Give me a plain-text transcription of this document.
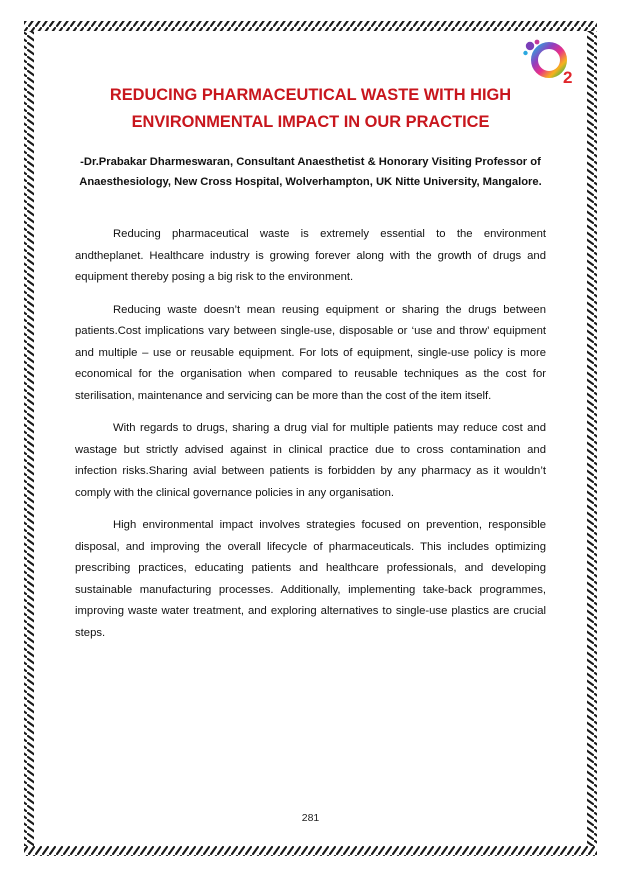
2
REDUCING PHARMACEUTICAL WASTE WITH HIGH
ENVIRONMENTAL IMPACT IN OUR PRACTICE

-Dr.Prabakar Dharmeswaran, Consultant Anaesthetist & Honorary Visiting Professor of Anaesthesiology, New Cross Hospital, Wolverhampton, UK Nitte University, Mangalore.

Reducing pharmaceutical waste is extremely essential to the environment andtheplanet. Healthcare industry is growing forever along with the growth of drugs and equipment thereby posing a big risk to the environment.

Reducing waste doesn’t mean reusing equipment or sharing the drugs between patients.Cost implications vary between single-use, disposable or ‘use and throw’ equipment and multiple – use or reusable equipment. For lots of equipment, single-use policy is more economical for the organisation when compared to reusable techniques as the cost for sterilisation, maintenance and servicing can be more than the cost of the item itself.

With regards to drugs, sharing a drug vial for multiple patients may reduce cost and wastage but strictly advised against in clinical practice due to cross contamination and infection risks.Sharing avial between patients is forbidden by any pharmacy as it wouldn’t comply with the clinical governance policies in any organisation.

High environmental impact involves strategies focused on prevention, responsible disposal, and improving the overall lifecycle of pharmaceuticals. This includes optimizing prescribing practices, educating patients and healthcare professionals, and developing sustainable manufacturing processes. Additionally, implementing take-back programmes, improving waste water treatment, and exploring alternatives to single-use plastics are crucial steps.

281
